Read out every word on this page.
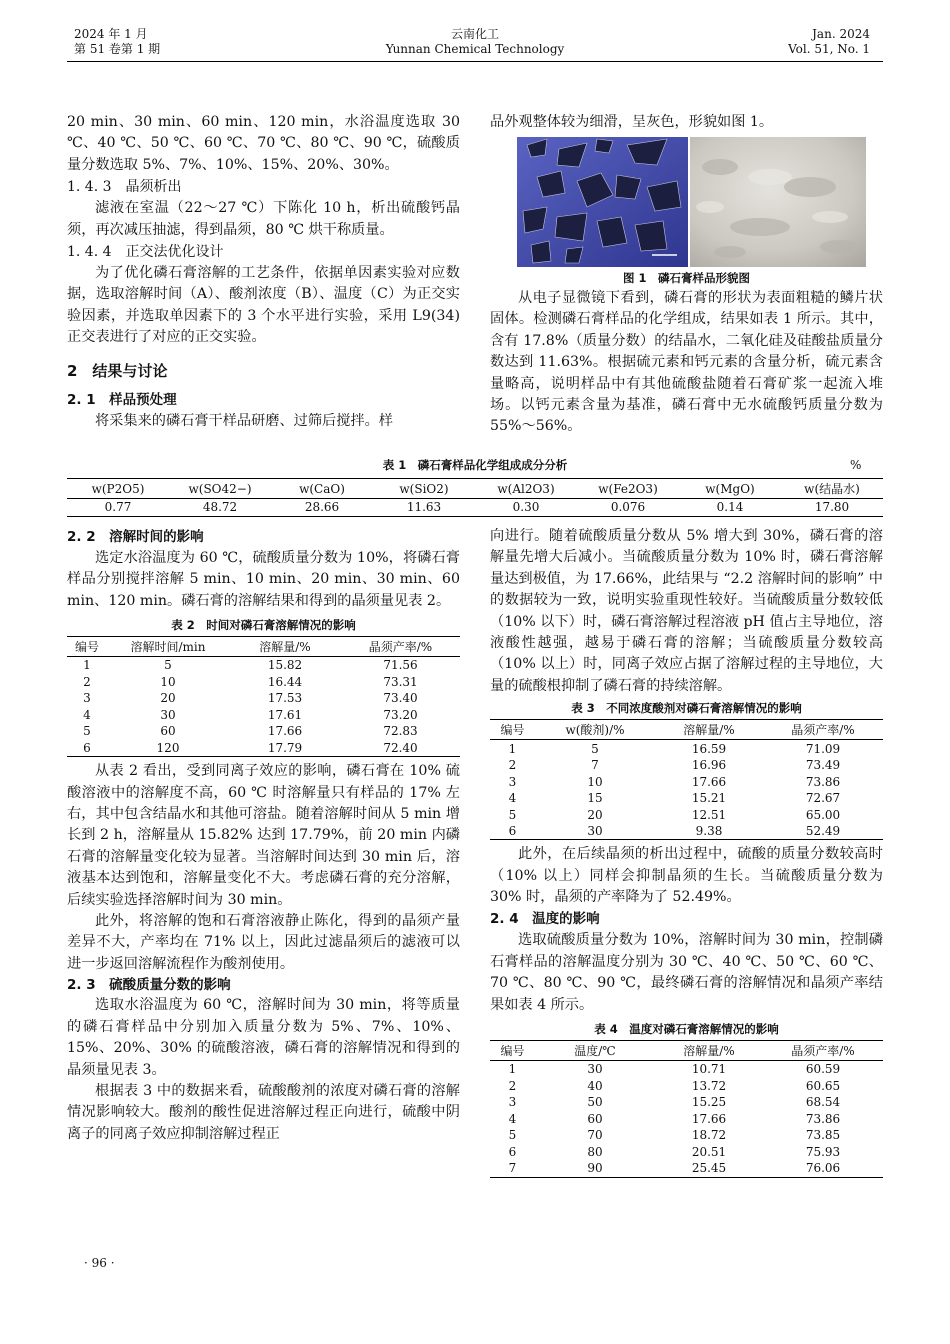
2024 年 1 月
第 51 卷第 1 期
云南化工
Yunnan Chemical Technology
Jan. 2024
Vol. 51, No. 1

20 min、30 min、60 min、120 min，水浴温度选取 30 ℃、40 ℃、50 ℃、60 ℃、70 ℃、80 ℃、90 ℃，硫酸质量分数选取 5%、7%、10%、15%、20%、30%。

1. 4. 3　晶须析出

滤液在室温（22～27 ℃）下陈化 10 h，析出硫酸钙晶须，再次减压抽滤，得到晶须，80 ℃ 烘干称质量。

1. 4. 4　正交法优化设计

为了优化磷石膏溶解的工艺条件，依据单因素实验对应数据，选取溶解时间（A）、酸剂浓度（B）、温度（C）为正交实验因素，并选取单因素下的 3 个水平进行实验，采用 L9(34) 正交表进行了对应的正交实验。

2　结果与讨论
2. 1　样品预处理

将采集来的磷石膏干样品研磨、过筛后搅拌。样

品外观整体较为细滑，呈灰色，形貌如图 1。

图 1　磷石膏样品形貌图

从电子显微镜下看到，磷石膏的形状为表面粗糙的鳞片状固体。检测磷石膏样品的化学组成，结果如表 1 所示。其中，含有 17.8%（质量分数）的结晶水，二氧化硅及硅酸盐质量分数达到 11.63%。根据硫元素和钙元素的含量分析，硫元素含量略高，说明样品中有其他硫酸盐随着石膏矿浆一起流入堆场。以钙元素含量为基准，磷石膏中无水硫酸钙质量分数为 55%～56%。

表 1　磷石膏样品化学组成成分分析	%
w(P2O5)	w(SO42−)	w(CaO)	w(SiO2)	w(Al2O3)	w(Fe2O3)	w(MgO)	w(结晶水)
0.77	48.72	28.66	11.63	0.30	0.076	0.14	17.80
2. 2　溶解时间的影响

选定水浴温度为 60 ℃，硫酸质量分数为 10%，将磷石膏样品分别搅拌溶解 5 min、10 min、20 min、30 min、60 min、120 min。磷石膏的溶解结果和得到的晶须量见表 2。

表 2　时间对磷石膏溶解情况的影响
编号	溶解时间/min	溶解量/%	晶须产率/%
1	5	15.82	71.56
2	10	16.44	73.31
3	20	17.53	73.40
4	30	17.61	73.20
5	60	17.66	72.83
6	120	17.79	72.40

从表 2 看出，受到同离子效应的影响，磷石膏在 10% 硫酸溶液中的溶解度不高，60 ℃ 时溶解量只有样品的 17% 左右，其中包含结晶水和其他可溶盐。随着溶解时间从 5 min 增长到 2 h，溶解量从 15.82% 达到 17.79%，前 20 min 内磷石膏的溶解量变化较为显著。当溶解时间达到 30 min 后，溶液基本达到饱和，溶解量变化不大。考虑磷石膏的充分溶解，后续实验选择溶解时间为 30 min。

此外，将溶解的饱和石膏溶液静止陈化，得到的晶须产量差异不大，产率均在 71% 以上，因此过滤晶须后的滤液可以进一步返回溶解流程作为酸剂使用。

2. 3　硫酸质量分数的影响

选取水浴温度为 60 ℃，溶解时间为 30 min，将等质量的磷石膏样品中分别加入质量分数为 5%、7%、10%、15%、20%、30% 的硫酸溶液，磷石膏的溶解情况和得到的晶须量见表 3。

根据表 3 中的数据来看，硫酸酸剂的浓度对磷石膏的溶解情况影响较大。酸剂的酸性促进溶解过程正向进行，硫酸中阴离子的同离子效应抑制溶解过程正

· 96 ·

向进行。随着硫酸质量分数从 5% 增大到 30%，磷石膏的溶解量先增大后减小。当硫酸质量分数为 10% 时，磷石膏溶解量达到极值，为 17.66%，此结果与 “2.2 溶解时间的影响” 中的数据较为一致，说明实验重现性较好。当硫酸质量分数较低（10% 以下）时，磷石膏溶解过程溶液 pH 值占主导地位，溶液酸性越强，越易于磷石膏的溶解；当硫酸质量分数较高（10% 以上）时，同离子效应占据了溶解过程的主导地位，大量的硫酸根抑制了磷石膏的持续溶解。

表 3　不同浓度酸剂对磷石膏溶解情况的影响
编号	w(酸剂)/%	溶解量/%	晶须产率/%
1	5	16.59	71.09
2	7	16.96	73.49
3	10	17.66	73.86
4	15	15.21	72.67
5	20	12.51	65.00
6	30	9.38	52.49

此外，在后续晶须的析出过程中，硫酸的质量分数较高时（10% 以上）同样会抑制晶须的生长。当硫酸质量分数为 30% 时，晶须的产率降为了 52.49%。

2. 4　温度的影响

选取硫酸质量分数为 10%，溶解时间为 30 min，控制磷石膏样品的溶解温度分别为 30 ℃、40 ℃、50 ℃、60 ℃、70 ℃、80 ℃、90 ℃，最终磷石膏的溶解情况和晶须产率结果如表 4 所示。

表 4　温度对磷石膏溶解情况的影响
编号	温度/℃	溶解量/%	晶须产率/%
1	30	10.71	60.59
2	40	13.72	60.65
3	50	15.25	68.54
4	60	17.66	73.86
5	70	18.72	73.85
6	80	20.51	75.93
7	90	25.45	76.06
